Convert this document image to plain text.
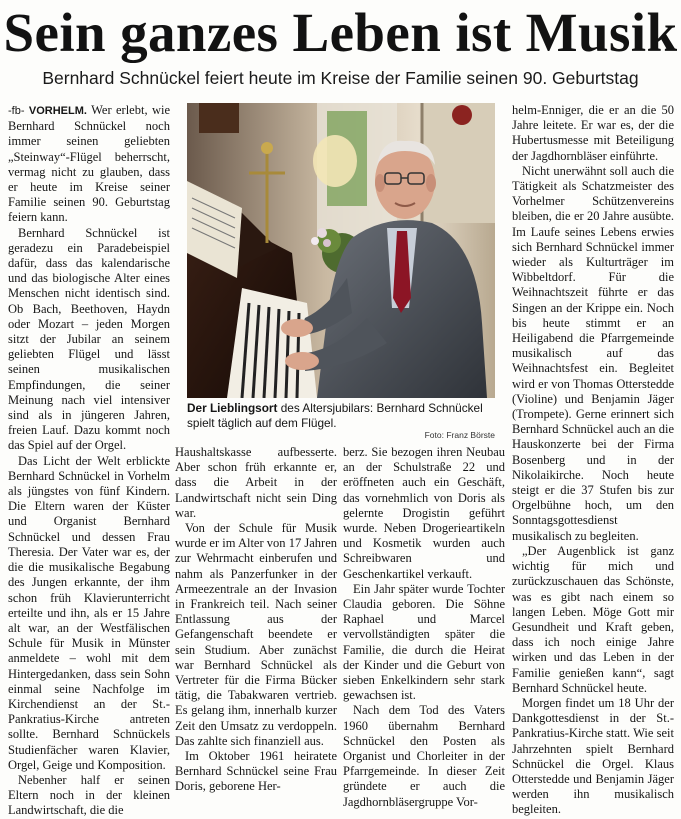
Sein ganzes Leben ist Musik
Bernhard Schnückel feiert heute im Kreise der Familie seinen 90. Geburtstag

-fb- VORHELM. Wer erlebt, wie Bernhard Schnückel noch immer seinen geliebten „Steinway“-Flügel beherrscht, vermag nicht zu glauben, dass er heute im Kreise seiner Familie seinen 90. Geburtstag feiern kann.

Bernhard Schnückel ist geradezu ein Paradebeispiel dafür, dass das kalendarische und das biologische Alter eines Menschen nicht identisch sind. Ob Bach, Beethoven, Haydn oder Mozart – jeden Morgen sitzt der Jubilar an seinem geliebten Flügel und lässt seinen musikalischen Empfindungen, die seiner Meinung nach viel intensiver sind als in jüngeren Jahren, freien Lauf. Dazu kommt noch das Spiel auf der Orgel.

Das Licht der Welt erblickte Bernhard Schnückel in Vorhelm als jüngstes von fünf Kindern. Die Eltern waren der Küster und Organist Bernhard Schnückel und dessen Frau Theresia. Der Vater war es, der die die musikalische Begabung des Jungen erkannte, der ihm schon früh Klavierunterricht erteilte und ihn, als er 15 Jahre alt war, an der Westfälischen Schule für Musik in Münster anmeldete – wohl mit dem Hintergedanken, dass sein Sohn einmal seine Nachfolge im Kirchendienst an der St.-Pankratius-Kirche antreten sollte. Bernhard Schnückels Studienfächer waren Klavier, Orgel, Geige und Komposition.

Nebenher half er seinen Eltern noch in der kleinen Landwirtschaft, die die

Der Lieblingsort des Altersjubilars: Bernhard Schnückel spielt täglich auf dem Flügel.
Foto: Franz Börste

Haushaltskasse aufbesserte. Aber schon früh erkannte er, dass die Arbeit in der Landwirtschaft nicht sein Ding war.

Von der Schule für Musik wurde er im Alter von 17 Jahren zur Wehrmacht einberufen und nahm als Panzerfunker in der Armeezentrale an der Invasion in Frankreich teil. Nach seiner Entlassung aus der Gefangenschaft beendete er sein Studium. Aber zunächst war Bernhard Schnückel als Vertreter für die Firma Bücker tätig, die Tabakwaren vertrieb. Es gelang ihm, innerhalb kurzer Zeit den Umsatz zu verdoppeln. Das zahlte sich finanziell aus.

Im Oktober 1961 heiratete Bernhard Schnückel seine Frau Doris, geborene Her-

berz. Sie bezogen ihren Neubau an der Schulstraße 22 und eröffneten auch ein Geschäft, das vornehmlich von Doris als gelernte Drogistin geführt wurde. Neben Drogerieartikeln und Kosmetik wurden auch Schreibwaren und Geschenkartikel verkauft.

Ein Jahr später wurde Tochter Claudia geboren. Die Söhne Raphael und Marcel vervollständigten später die Familie, die durch die Heirat der Kinder und die Geburt von sieben Enkelkindern sehr stark gewachsen ist.

Nach dem Tod des Vaters 1960 übernahm Bernhard Schnückel den Posten als Organist und Chorleiter in der Pfarrgemeinde. In dieser Zeit gründete er auch die Jagdhornbläsergruppe Vor-

helm-Enniger, die er an die 50 Jahre leitete. Er war es, der die Hubertusmesse mit Beteiligung der Jagdhornbläser einführte.

Nicht unerwähnt soll auch die Tätigkeit als Schatzmeister des Vorhelmer Schützenvereins bleiben, die er 20 Jahre ausübte. Im Laufe seines Lebens erwies sich Bernhard Schnückel immer wieder als Kulturträger im Wibbeltdorf. Für die Weihnachtszeit führte er das Singen an der Krippe ein. Noch bis heute stimmt er an Heiligabend die Pfarrgemeinde musikalisch auf das Weihnachtsfest ein. Begleitet wird er von Thomas Otterstedde (Violine) und Benjamin Jäger (Trompete). Gerne erinnert sich Bernhard Schnückel auch an die Hauskonzerte bei der Firma Bosenberg und in der Nikolaikirche. Noch heute steigt er die 37 Stufen bis zur Orgelbühne hoch, um den Sonntagsgottesdienst musikalisch zu begleiten.

„Der Augenblick ist ganz wichtig für mich und zurückzuschauen das Schönste, was es gibt nach einem so langen Leben. Möge Gott mir Gesundheit und Kraft geben, dass ich noch einige Jahre wirken und das Leben in der Familie genießen kann“, sagt Bernhard Schnückel heute.

Morgen findet um 18 Uhr der Dankgottesdienst in der St.-Pankratius-Kirche statt. Wie seit Jahrzehnten spielt Bernhard Schnückel die Orgel. Klaus Otterstedde und Benjamin Jäger werden ihn musikalisch begleiten.
